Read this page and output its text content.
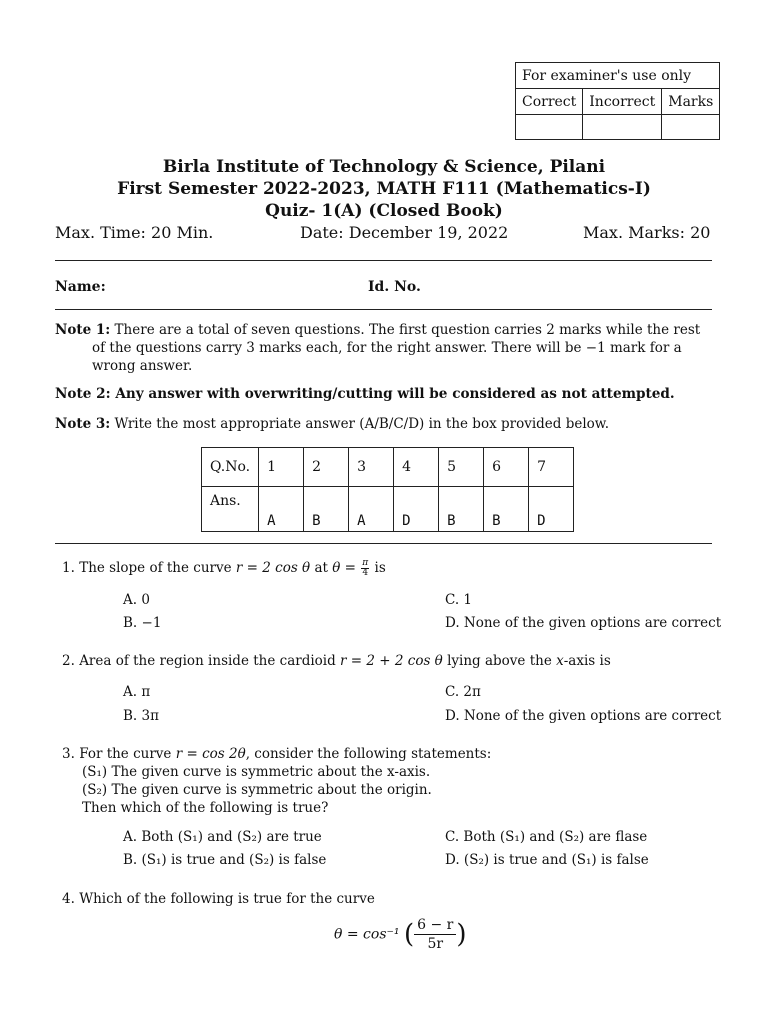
For examiner's use only		
Correct	Incorrect	Marks

Birla Institute of Technology & Science, Pilani
First Semester 2022-2023, MATH F111 (Mathematics-I)
Quiz- 1(A) (Closed Book)
Max. Time: 20 Min.	Date: December 19, 2022	Max. Marks: 20
Name:	Id. No.
Note 1: There are a total of seven questions. The first question carries 2 marks while the rest of the questions carry 3 marks each, for the right answer. There will be −1 mark for a wrong answer.
Note 2: Any answer with overwriting/cutting will be considered as not attempted.
Note 3: Write the most appropriate answer (A/B/C/D) in the box provided below.
Q.No.	1	2	3	4	5	6	7
Ans.	A	B	A	D	B	B	D
1. The slope of the curve r = 2 cos θ at $\theta = \frac{\pi}{4}$ is
A. 0
B. −1
C. 1
D. None of the given options are correct
2. Area of the region inside the cardioid r = 2 + 2 cos θ lying above the x-axis is
A. π
B. 3π
C. 2π
D. None of the given options are correct
3. For the curve r = cos 2θ, consider the following statements:
(S₁) The given curve is symmetric about the x-axis.
(S₂) The given curve is symmetric about the origin.
Then which of the following is true?
A. Both (S₁) and (S₂) are true
B. (S₁) is true and (S₂) is false
C. Both (S₁) and (S₂) are flase
D. (S₂) is true and (S₁) is false
4. Which of the following is true for the curve
θ = cos⁻¹ ( $\frac{6 - r}{5r}$)
